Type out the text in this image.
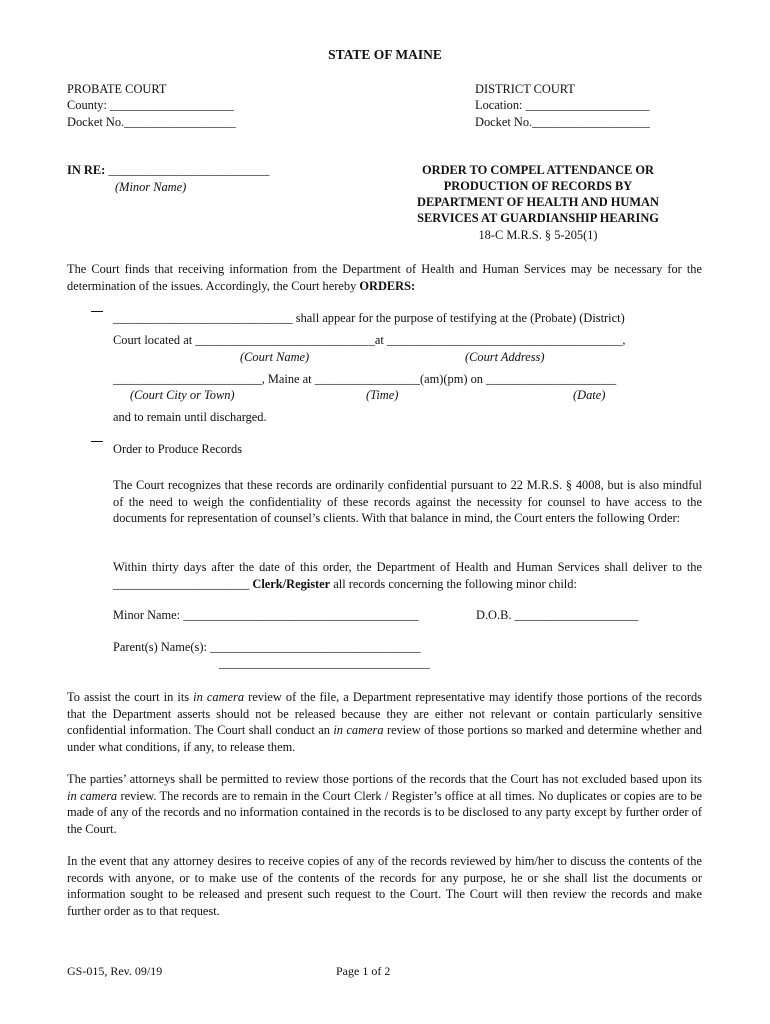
STATE OF MAINE
PROBATE COURT
County: ____________________
Docket No.__________________
DISTRICT COURT
Location: ____________________
Docket No.___________________
IN RE: __________________________
(Minor Name)
ORDER TO COMPEL ATTENDANCE OR
PRODUCTION OF RECORDS BY
DEPARTMENT OF HEALTH AND HUMAN
SERVICES AT GUARDIANSHIP HEARING
18-C M.R.S. § 5-205(1)
The Court finds that receiving information from the Department of Health and Human Services may be necessary for the determination of the issues. Accordingly, the Court hereby ORDERS:
_____________________________ shall appear for the purpose of testifying at the (Probate) (District)
Court located at _____________________________at ______________________________________,
(Court Name)	(Court Address)
________________________, Maine at _________________(am)(pm) on _____________________
(Court City or Town)	(Time)	(Date)
and to remain until discharged.
Order to Produce Records
The Court recognizes that these records are ordinarily confidential pursuant to 22 M.R.S. § 4008, but is also mindful of the need to weigh the confidentiality of these records against the necessity for counsel to have access to the documents for representation of counsel’s clients. With that balance in mind, the Court enters the following Order:
Within thirty days after the date of this order, the Department of Health and Human Services shall deliver to the ______________________ Clerk/Register all records concerning the following minor child:
Minor Name: ______________________________________	D.O.B. ____________________
Parent(s) Name(s): __________________________________
__________________________________
To assist the court in its in camera review of the file, a Department representative may identify those portions of the records that the Department asserts should not be released because they are either not relevant or contain particularly sensitive confidential information. The Court shall conduct an in camera review of those portions so marked and determine whether and under what conditions, if any, to release them.
The parties’ attorneys shall be permitted to review those portions of the records that the Court has not excluded based upon its in camera review. The records are to remain in the Court Clerk / Register’s office at all times. No duplicates or copies are to be made of any of the records and no information contained in the records is to be disclosed to any party except by further order of the Court.
In the event that any attorney desires to receive copies of any of the records reviewed by him/her to discuss the contents of the records with anyone, or to make use of the contents of the records for any purpose, he or she shall list the documents or information sought to be released and present such request to the Court. The Court will then review the records and make further order as to that request.
GS-015, Rev. 09/19	Page 1 of 2
